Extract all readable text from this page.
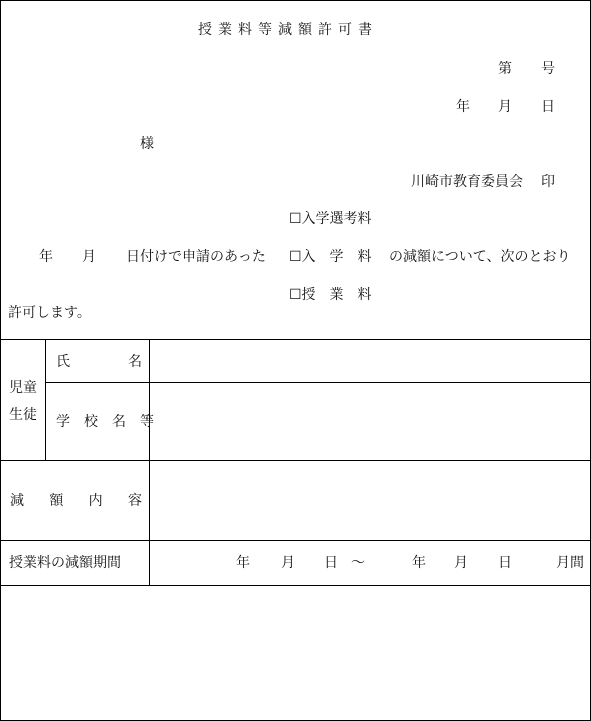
授業料等減額許可書
第 号
年 月 日
様
川崎市教育委員会 印
☐入学選考料
☐入　学　料
☐授　業　料
年 月 日付けで申請のあった	の減額について、次のとおり
許可します。
児童
生徒
氏	名
学校名等
減 額 内 容
授業料の減額期間	年 月 日 ～	年 月 日	月間
